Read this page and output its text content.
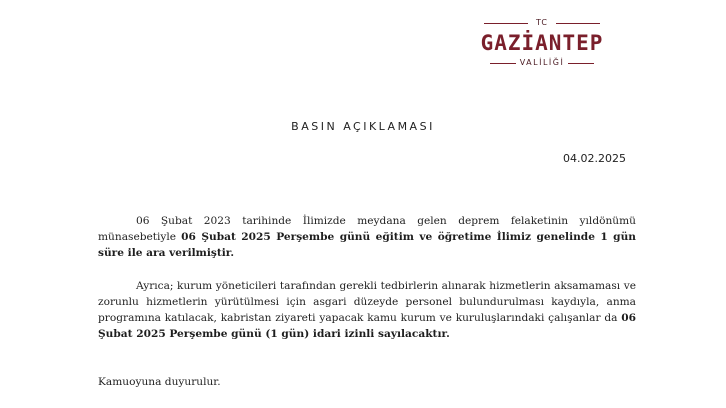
TC
GAZİANTEP
VALİLİĞİ
BASIN AÇIKLAMASI
04.02.2025
06 Şubat 2023 tarihinde İlimizde meydana gelen deprem felaketinin yıldönümü münasebetiyle 06 Şubat 2025 Perşembe günü eğitim ve öğretime İlimiz genelinde 1 gün süre ile ara verilmiştir.
Ayrıca; kurum yöneticileri tarafından gerekli tedbirlerin alınarak hizmetlerin aksamaması ve zorunlu hizmetlerin yürütülmesi için asgari düzeyde personel bulundurulması kaydıyla, anma programına katılacak, kabristan ziyareti yapacak kamu kurum ve kuruluşlarındaki çalışanlar da 06 Şubat 2025 Perşembe günü (1 gün) idari izinli sayılacaktır.
Kamuoyuna duyurulur.
